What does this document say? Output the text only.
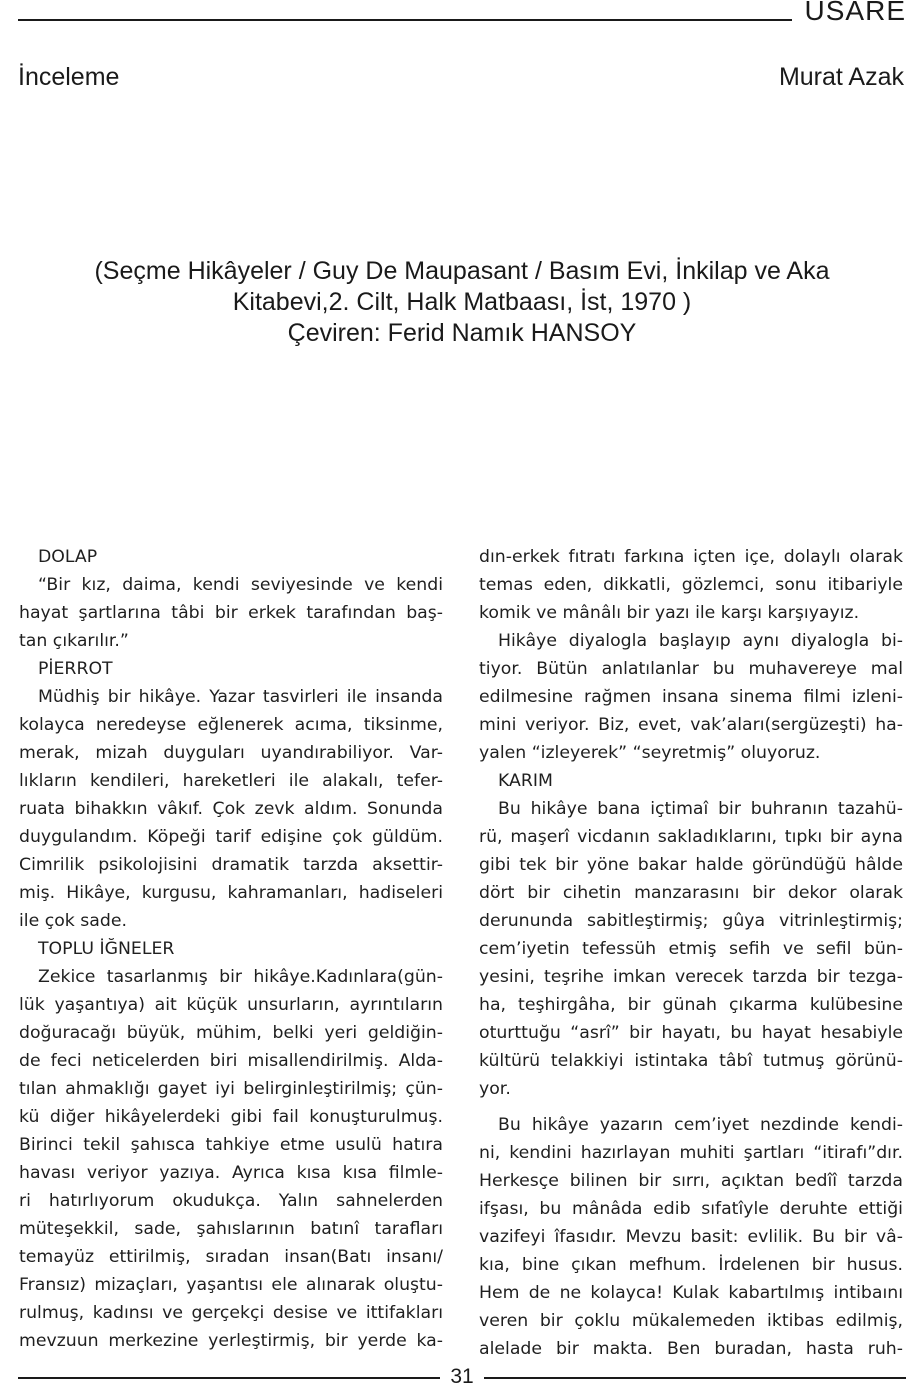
USARE
İnceleme	Murat Azak
(Seçme Hikâyeler / Guy De Maupasant / Basım Evi, İnkilap ve Aka
Kitabevi,2. Cilt, Halk Matbaası, İst, 1970 )
Çeviren: Ferid Namık HANSOY
DOLAP
“Bir kız, daima, kendi seviyesinde ve kendi
hayat şartlarına tâbi bir erkek tarafından baş-
tan çıkarılır.”
PİERROT
Müdhiş bir hikâye. Yazar tasvirleri ile insanda
kolayca neredeyse eğlenerek acıma, tiksinme,
merak, mizah duyguları uyandırabiliyor. Var-
lıkların kendileri, hareketleri ile alakalı, tefer-
ruata bihakkın vâkıf. Çok zevk aldım. Sonunda
duygulandım. Köpeği tarif edişine çok güldüm.
Cimrilik psikolojisini dramatik tarzda aksettir-
miş. Hikâye, kurgusu, kahramanları, hadiseleri
ile çok sade.
TOPLU İĞNELER
Zekice tasarlanmış bir hikâye.Kadınlara(gün-
lük yaşantıya) ait küçük unsurların, ayrıntıların
doğuracağı büyük, mühim, belki yeri geldiğin-
de feci neticelerden biri misallendirilmiş. Alda-
tılan ahmaklığı gayet iyi belirginleştirilmiş; çün-
kü diğer hikâyelerdeki gibi fail konuşturulmuş.
Birinci tekil şahısca tahkiye etme usulü hatıra
havası veriyor yazıya. Ayrıca kısa kısa filmle-
ri hatırlıyorum okudukça. Yalın sahnelerden
müteşekkil, sade, şahıslarının batınî tarafları
temayüz ettirilmiş, sıradan insan(Batı insanı/
Fransız) mizaçları, yaşantısı ele alınarak oluştu-
rulmuş, kadınsı ve gerçekçi desise ve ittifakları
mevzuun merkezine yerleştirmiş, bir yerde ka-
dın-erkek fıtratı farkına içten içe, dolaylı olarak
temas eden, dikkatli, gözlemci, sonu itibariyle
komik ve mânâlı bir yazı ile karşı karşıyayız.
Hikâye diyalogla başlayıp aynı diyalogla bi-
tiyor. Bütün anlatılanlar bu muhavereye mal
edilmesine rağmen insana sinema filmi izleni-
mini veriyor. Biz, evet, vak’aları(sergüzeşti) ha-
yalen “izleyerek” “seyretmiş” oluyoruz.
KARIM
Bu hikâye bana içtimaî bir buhranın tazahü-
rü, maşerî vicdanın sakladıklarını, tıpkı bir ayna
gibi tek bir yöne bakar halde göründüğü hâlde
dört bir cihetin manzarasını bir dekor olarak
derununda sabitleştirmiş; gûya vitrinleştirmiş;
cem’iyetin tefessüh etmiş sefih ve sefil bün-
yesini, teşrihe imkan verecek tarzda bir tezga-
ha, teşhirgâha, bir günah çıkarma kulübesine
oturttuğu “asrî” bir hayatı, bu hayat hesabiyle
kültürü telakkiyi istintaka tâbî tutmuş görünü-
yor.
Bu hikâye yazarın cem’iyet nezdinde kendi-
ni, kendini hazırlayan muhiti şartları “itirafı”dır.
Herkesçe bilinen bir sırrı, açıktan bedîî tarzda
ifşası, bu mânâda edib sıfatîyle deruhte ettiği
vazifeyi îfasıdır. Mevzu basit: evlilik. Bu bir vâ-
kıa, bine çıkan mefhum. İrdelenen bir husus.
Hem de ne kolayca! Kulak kabartılmış intibaını
veren bir çoklu mükalemeden iktibas edilmiş,
alelade bir makta. Ben buradan, hasta ruh-
31
